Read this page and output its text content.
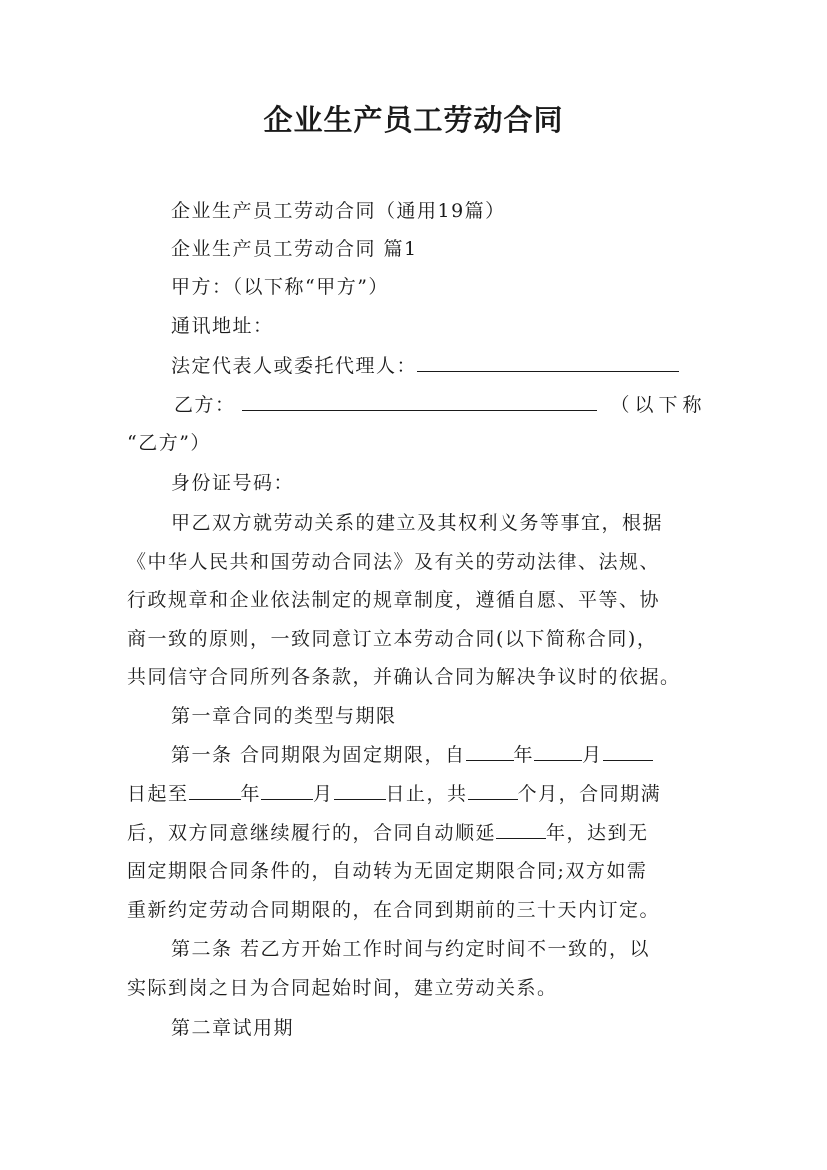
企业生产员工劳动合同
企业生产员工劳动合同（通用19篇）
企业生产员工劳动合同 篇1
甲方：（以下称“甲方”）
通讯地址：
法定代表人或委托代理人：
乙方：	（以下称
“乙方”）
身份证号码：
甲乙双方就劳动关系的建立及其权利义务等事宜，根据
《中华人民共和国劳动合同法》及有关的劳动法律、法规、
行政规章和企业依法制定的规章制度，遵循自愿、平等、协
商一致的原则，一致同意订立本劳动合同(以下简称合同)，
共同信守合同所列各条款，并确认合同为解决争议时的依据。
第一章合同的类型与期限
第一条 合同期限为固定期限，自	年	月
日起至	年	月	日止，共	个月，合同期满
后，双方同意继续履行的，合同自动顺延	年，达到无
固定期限合同条件的，自动转为无固定期限合同;双方如需
重新约定劳动合同期限的，在合同到期前的三十天内订定。
第二条 若乙方开始工作时间与约定时间不一致的，以
实际到岗之日为合同起始时间，建立劳动关系。
第二章试用期
